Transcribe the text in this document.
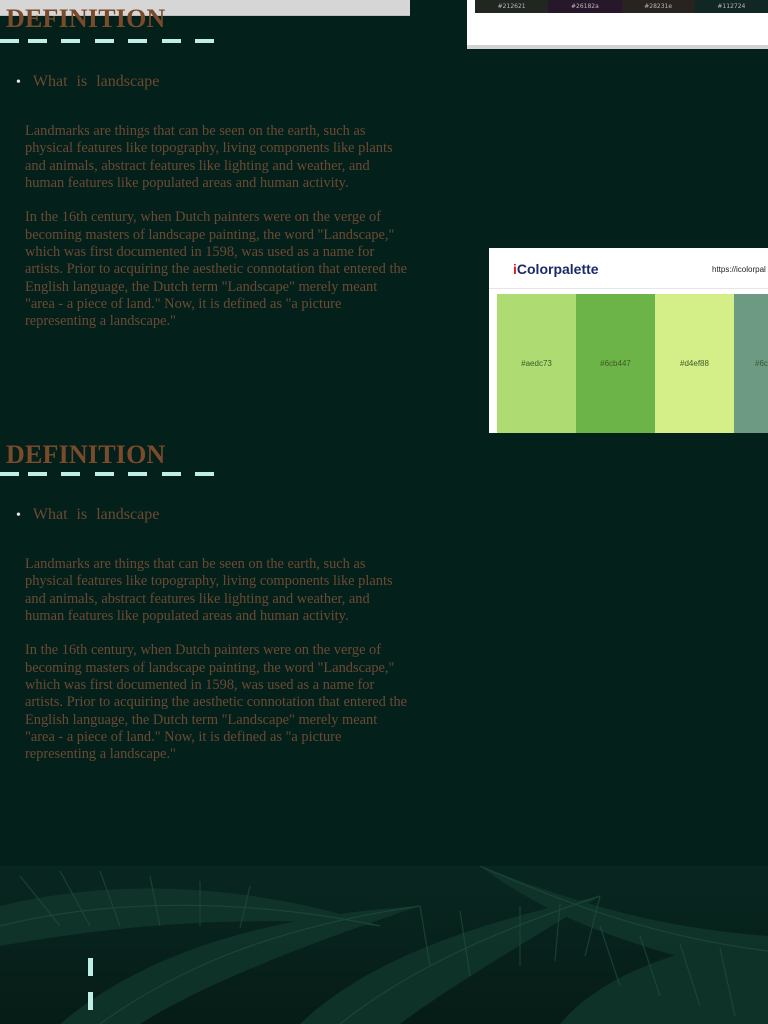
DEFINITION
• What is landscape

Landmarks are things that can be seen on the earth, such as physical features like topography, living components like plants and animals, abstract features like lighting and weather, and human features like populated areas and human activity.

In the 16th century, when Dutch painters were on the verge of becoming masters of landscape painting, the word "Landscape," which was first documented in 1598, was used as a name for artists. Prior to acquiring the aesthetic connotation that entered the English language, the Dutch term "Landscape" merely meant "area - a piece of land." Now, it is defined as "a picture representing a landscape."

#212621	#26182a	#28231e	#112724
iColorpalette	https://icolorpal
#aedc73	#6cb447	#d4ef88	#6c
DEFINITION
• What is landscape

Landmarks are things that can be seen on the earth, such as physical features like topography, living components like plants and animals, abstract features like lighting and weather, and human features like populated areas and human activity.

In the 16th century, when Dutch painters were on the verge of becoming masters of landscape painting, the word "Landscape," which was first documented in 1598, was used as a name for artists. Prior to acquiring the aesthetic connotation that entered the English language, the Dutch term "Landscape" merely meant "area - a piece of land." Now, it is defined as "a picture representing a landscape."
